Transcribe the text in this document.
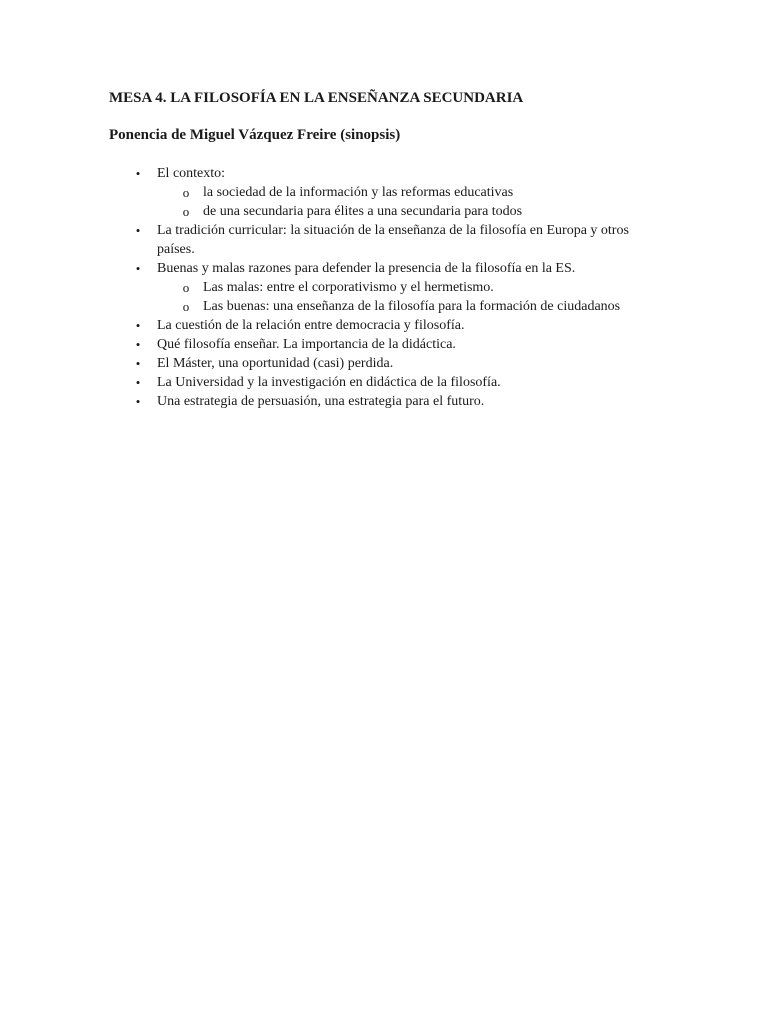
MESA 4. LA FILOSOFÍA EN LA ENSEÑANZA SECUNDARIA
Ponencia de Miguel Vázquez Freire (sinopsis)
•	El contexto:
o la sociedad de la información y las reformas educativas
o de una secundaria para élites a una secundaria para todos
•	La tradición curricular: la situación de la enseñanza de la filosofía en Europa y otros países.
•	Buenas y malas razones para defender la presencia de la filosofía en la ES.
o Las malas: entre el corporativismo y el hermetismo.
o Las buenas: una enseñanza de la filosofía para la formación de ciudadanos
•	La cuestión de la relación entre democracia y filosofía.
•	Qué filosofía enseñar. La importancia de la didáctica.
•	El Máster, una oportunidad (casi) perdida.
•	La Universidad y la investigación en didáctica de la filosofía.
•	Una estrategia de persuasión, una estrategia para el futuro.
